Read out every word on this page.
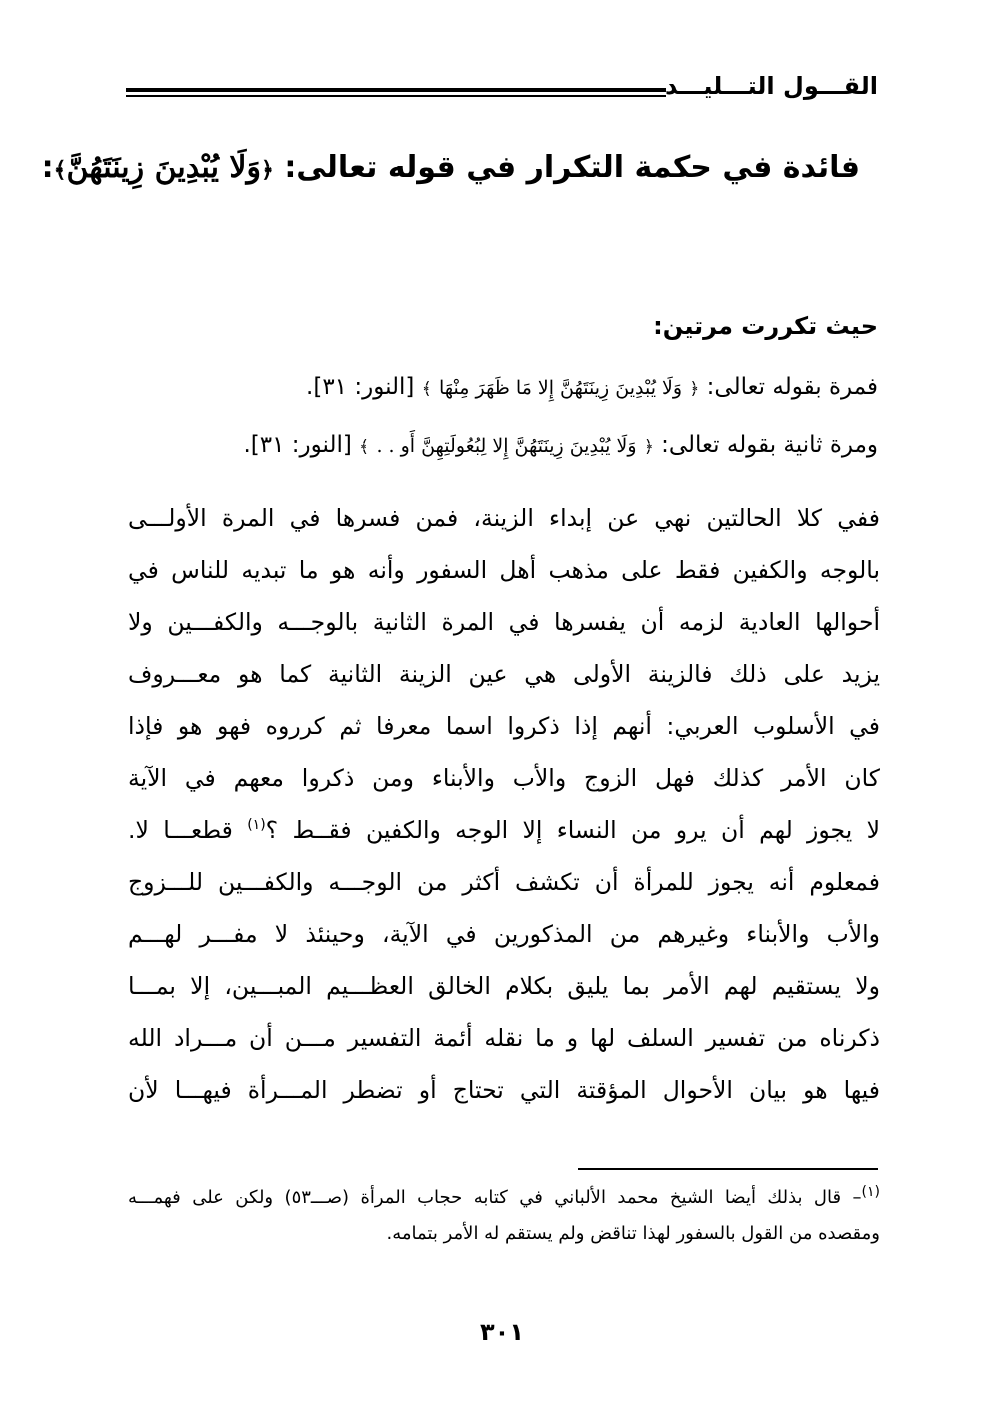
القـــول التـــليـــد
فائدة في حكمة التكرار في قوله تعالى: ﴿وَلَا يُبْدِينَ زِينَتَهُنَّ﴾:
حيث تكررت مرتين:
فمرة بقوله تعالى: ﴿ وَلَا يُبْدِينَ زِينَتَهُنَّ إِلا مَا ظَهَرَ مِنْهَا ﴾ [النور: ٣١].
ومرة ثانية بقوله تعالى: ﴿ وَلَا يُبْدِينَ زِينَتَهُنَّ إِلا لِبُعُولَتِهِنَّ أَو . . ﴾ [النور: ٣١].
ففي كلا الحالتين نهي عن إبداء الزينة، فمن فسرها في المرة الأولـــى
بالوجه والكفين فقط على مذهب أهل السفور وأنه هو ما تبديه للناس في
أحوالها العادية لزمه أن يفسرها في المرة الثانية بالوجـــه والكفـــين ولا
يزيد على ذلك فالزينة الأولى هي عين الزينة الثانية كما هو معـــروف
في الأسلوب العربي: أنهم إذا ذكروا اسما معرفا ثم كرروه فهو هو فإذا
كان الأمر كذلك فهل الزوج والأب والأبناء ومن ذكروا معهم في الآية
لا يجوز لهم أن يرو من النساء إلا الوجه والكفين فقــط ؟$^{(١)}$ قطعـــا لا.
فمعلوم أنه يجوز للمرأة أن تكشف أكثر من الوجـــه والكفـــين للـــزوج
والأب والأبناء وغيرهم من المذكورين في الآية، وحينئذ لا مفـــر لهـــم
ولا يستقيم لهم الأمر بما يليق بكلام الخالق العظـــيم المبـــين، إلا بمـــا
ذكرناه من تفسير السلف لها و ما نقله أئمة التفسير مـــن أن مـــراد الله
فيها هو بيان الأحوال المؤقتة التي تحتاج أو تضطر المـــرأة فيهـــا لأن
$^{(١)}$– قال بذلك أيضا الشيخ محمد الألباني في كتابه حجاب المرأة (صـــ٥٣) ولكن على فهمـــه
ومقصده من القول بالسفور لهذا تناقض ولم يستقم له الأمر بتمامه.
٣٠١
